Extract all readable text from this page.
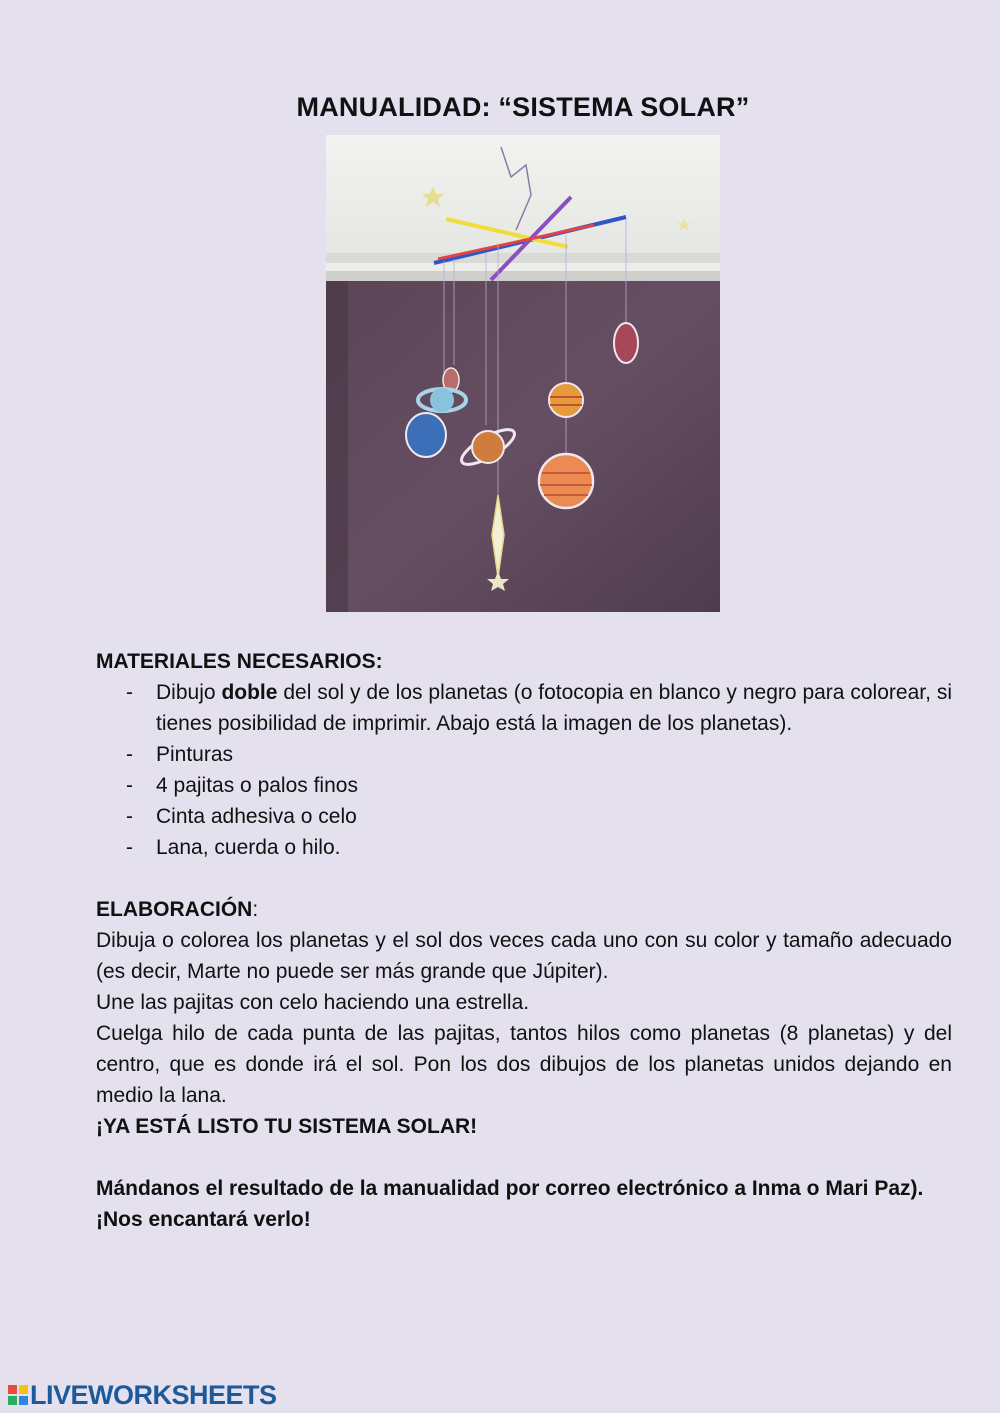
MANUALIDAD: “SISTEMA SOLAR”
MATERIALES NECESARIOS:
- Dibujo doble del sol y de los planetas (o fotocopia en blanco y negro para colorear, si tienes posibilidad de imprimir. Abajo está la imagen de los planetas).
- Pinturas
- 4 pajitas o palos finos
- Cinta adhesiva o celo
- Lana, cuerda o hilo.
ELABORACIÓN:

Dibuja o colorea los planetas y el sol dos veces cada uno con su color y tamaño adecuado (es decir, Marte no puede ser más grande que Júpiter).

Une las pajitas con celo haciendo una estrella.

Cuelga hilo de cada punta de las pajitas, tantos hilos como planetas (8 planetas) y del centro, que es donde irá el sol. Pon los dos dibujos de los planetas unidos dejando en medio la lana.

¡YA ESTÁ LISTO TU SISTEMA SOLAR!

Mándanos el resultado de la manualidad por correo electrónico a Inma o Mari Paz).

¡Nos encantará verlo!

LIVEWORKSHEETS
